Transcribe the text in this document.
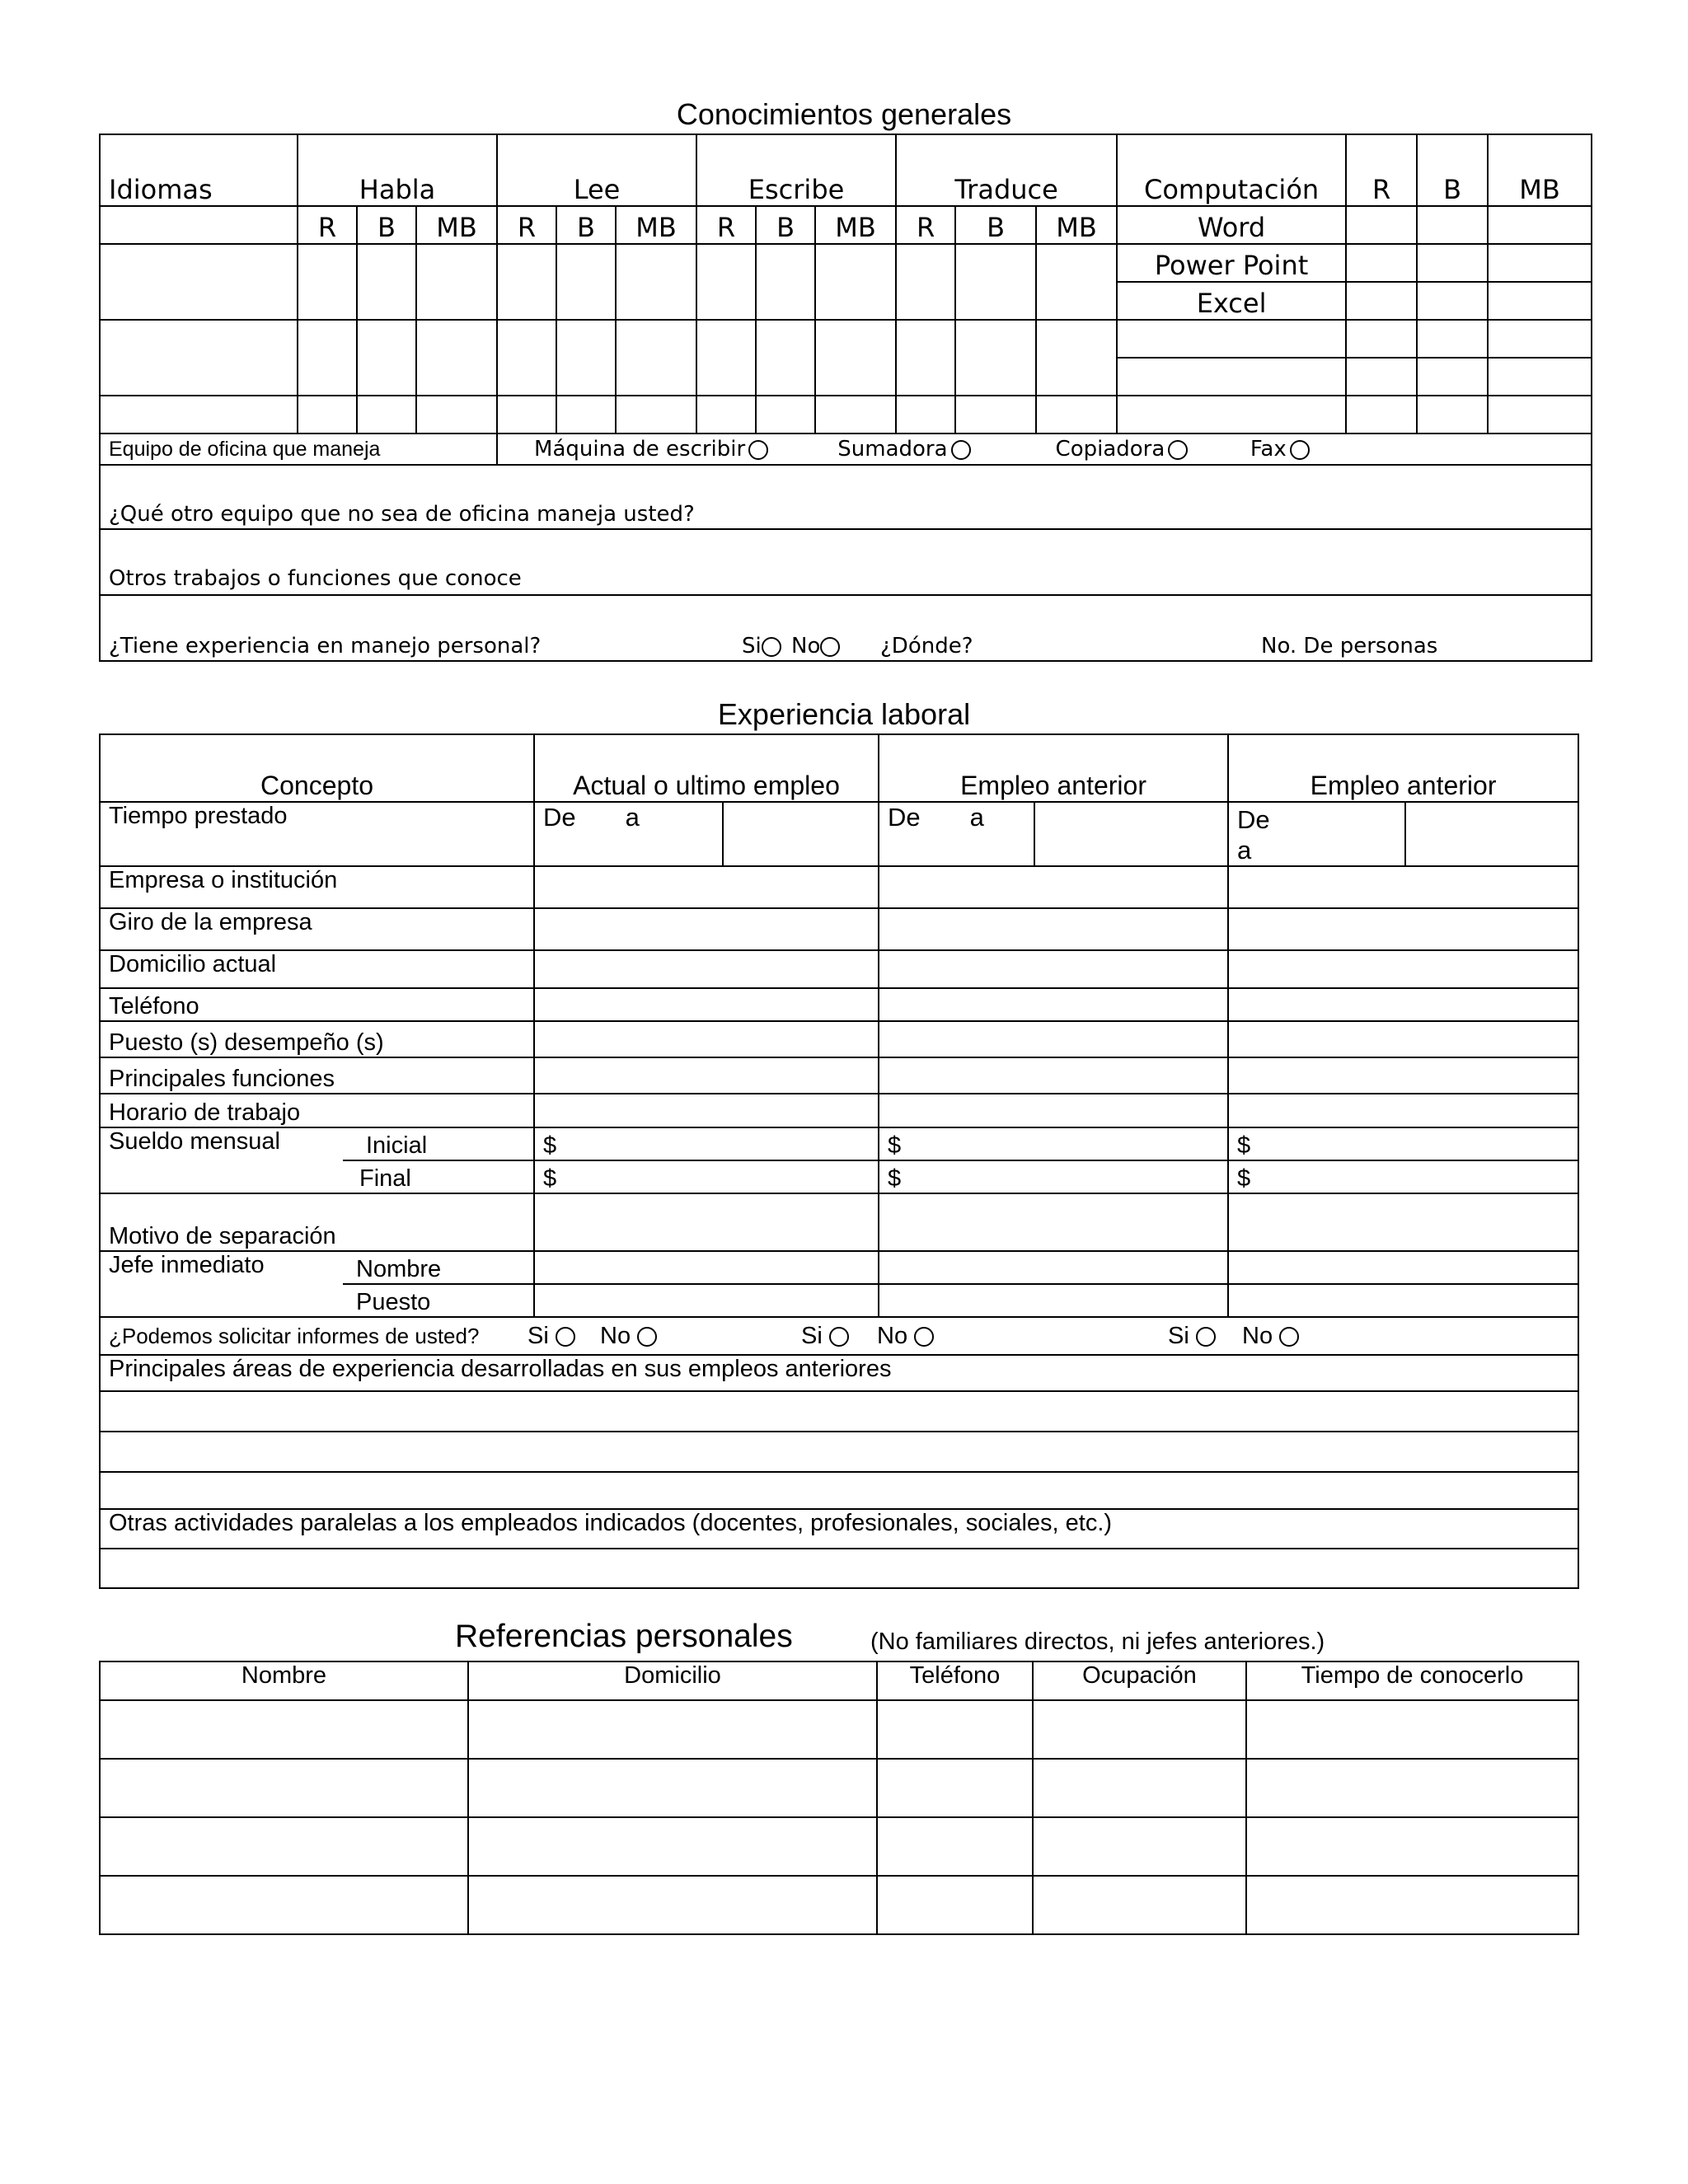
Conocimientos generales
Idiomas	Habla			Lee			Escribe			Traduce			Computación	R	B	MB
	R	B	MB	R	B	MB	R	B	MB	R	B	MB	Word			
													Power Point			
													Excel			

Equipo de oficina que maneja				Máquina de escribir Sumadora Copiadora Fax												
¿Qué otro equipo que no sea de oficina maneja usted?																
Otros trabajos o funciones que conoce																
¿Tiene experiencia en manejo personal? Si No ¿Dónde? No. De personas																
Experiencia laboral
Concepto		Actual o ultimo empleo		Empleo anterior		Empleo anterior	
Tiempo prestado		De a		De a		De
a	
Empresa o institución							
Giro de la empresa							
Domicilio actual							
Teléfono							
Puesto (s) desempeño (s)							
Principales funciones							
Horario de trabajo							
Sueldo mensual	Inicial	$		$		$	
	Final	$		$		$	
Motivo de separación							
Jefe inmediato	Nombre						
	Puesto						
¿Podemos solicitar informes de usted? Si No Si No Si No							
Principales áreas de experiencia desarrolladas en sus empleos anteriores							

Otras actividades paralelas a los empleados indicados (docentes, profesionales, sociales, etc.)							

Referencias personales	(No familiares directos, ni jefes anteriores.)
Nombre	Domicilio	Teléfono	Ocupación	Tiempo de conocerlo
